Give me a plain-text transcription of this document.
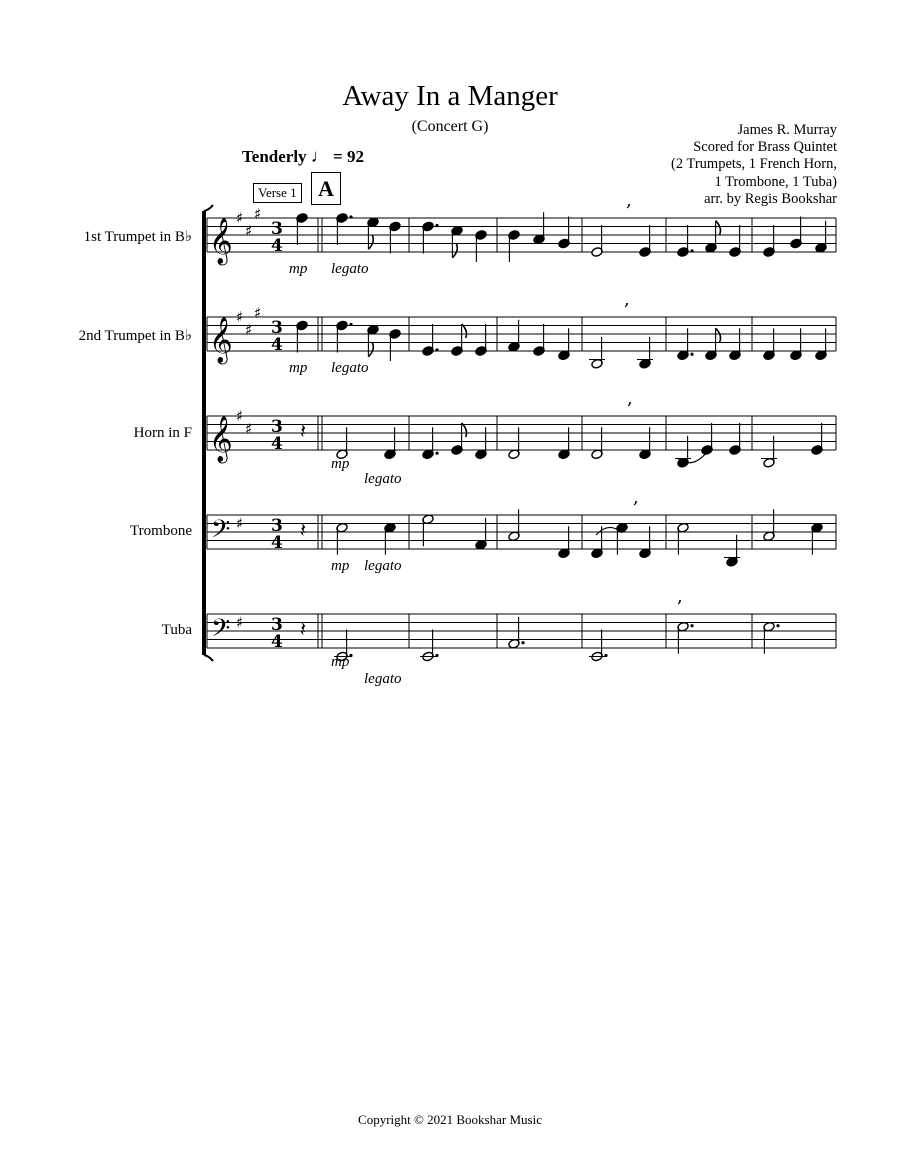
𝄞 ♯
♯
♯
3
4
,
𝄞 ♯
♯
♯
3
4
,
𝄞 ♯
♯ 3
4
𝄽
,
𝄢 ♯ 3
4
𝄽
,
𝄢 ♯ 3
4
𝄽
,
mp legato
mp legato
mp
legato
mp legato
mp
legato
Away In a Manger
(Concert G)	James R. Murray
Scored for Brass Quintet
(2 Trumpets, 1 French Horn,
1 Trombone, 1 Tuba)
arr. by Regis Bookshar
Tenderly ♩ = 92
Verse 1 A
1st Trumpet in B♭
2nd Trumpet in B♭
Horn in F
Trombone
Tuba
Copyright © 2021 Bookshar Music
